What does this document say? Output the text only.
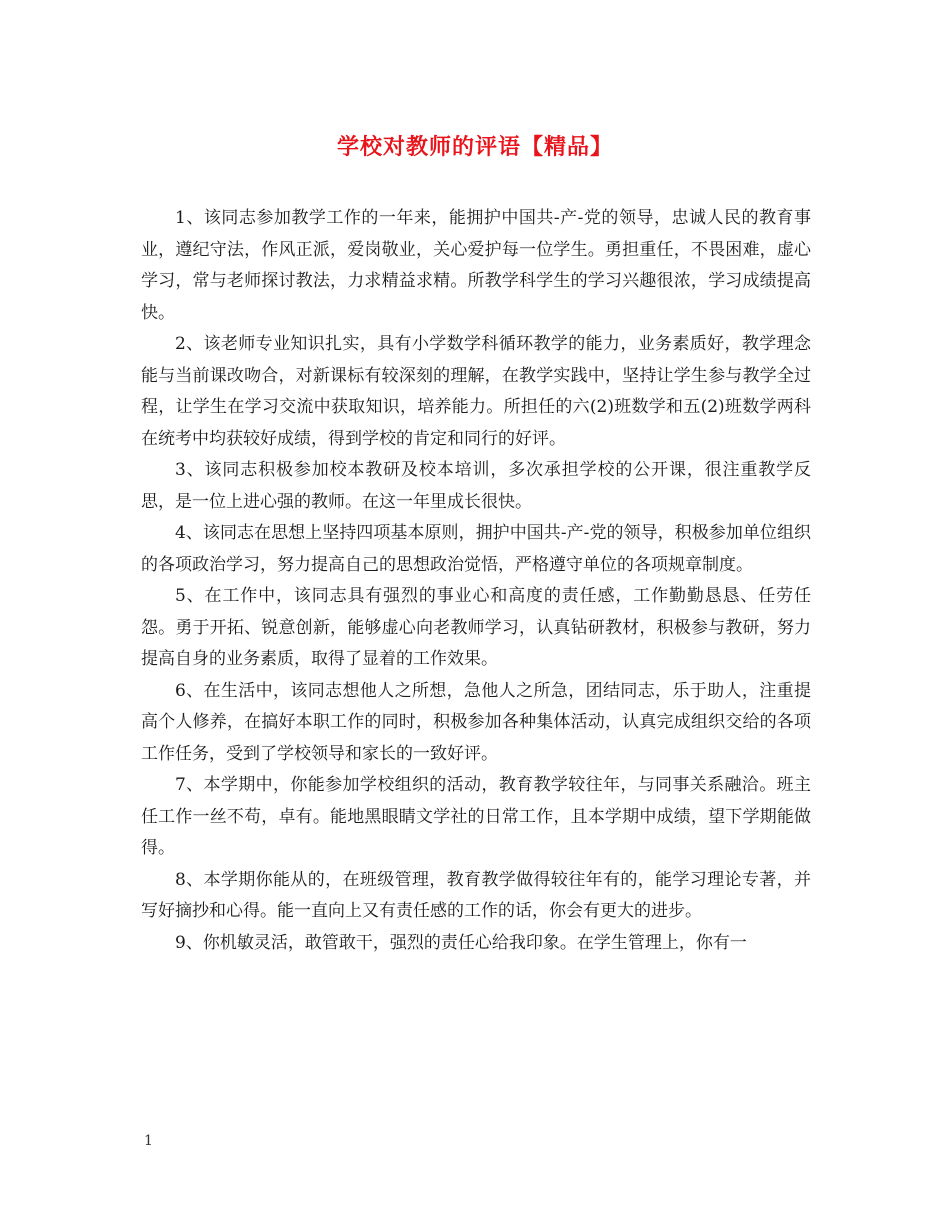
学校对教师的评语【精品】

1、该同志参加教学工作的一年来，能拥护中国共-产-党的领导，忠诚人民的教育事业，遵纪守法，作风正派，爱岗敬业，关心爱护每一位学生。勇担重任，不畏困难，虚心学习，常与老师探讨教法，力求精益求精。所教学科学生的学习兴趣很浓，学习成绩提高快。

2、该老师专业知识扎实，具有小学数学科循环教学的能力，业务素质好，教学理念能与当前课改吻合，对新课标有较深刻的理解，在教学实践中，坚持让学生参与教学全过程，让学生在学习交流中获取知识，培养能力。所担任的六(2)班数学和五(2)班数学两科在统考中均获较好成绩，得到学校的肯定和同行的好评。

3、该同志积极参加校本教研及校本培训，多次承担学校的公开课，很注重教学反思，是一位上进心强的教师。在这一年里成长很快。

4、该同志在思想上坚持四项基本原则，拥护中国共-产-党的领导，积极参加单位组织的各项政治学习，努力提高自己的思想政治觉悟，严格遵守单位的各项规章制度。

5、在工作中，该同志具有强烈的事业心和高度的责任感，工作勤勤恳恳、任劳任怨。勇于开拓、锐意创新，能够虚心向老教师学习，认真钻研教材，积极参与教研，努力提高自身的业务素质，取得了显着的工作效果。

6、在生活中，该同志想他人之所想，急他人之所急，团结同志，乐于助人，注重提高个人修养，在搞好本职工作的同时，积极参加各种集体活动，认真完成组织交给的各项工作任务，受到了学校领导和家长的一致好评。

7、本学期中，你能参加学校组织的活动，教育教学较往年，与同事关系融洽。班主任工作一丝不苟，卓有。能地黑眼睛文学社的日常工作，且本学期中成绩，望下学期能做得。

8、本学期你能从的，在班级管理，教育教学做得较往年有的，能学习理论专著，并写好摘抄和心得。能一直向上又有责任感的工作的话，你会有更大的进步。

9、你机敏灵活，敢管敢干，强烈的责任心给我印象。在学生管理上，你有一

1
